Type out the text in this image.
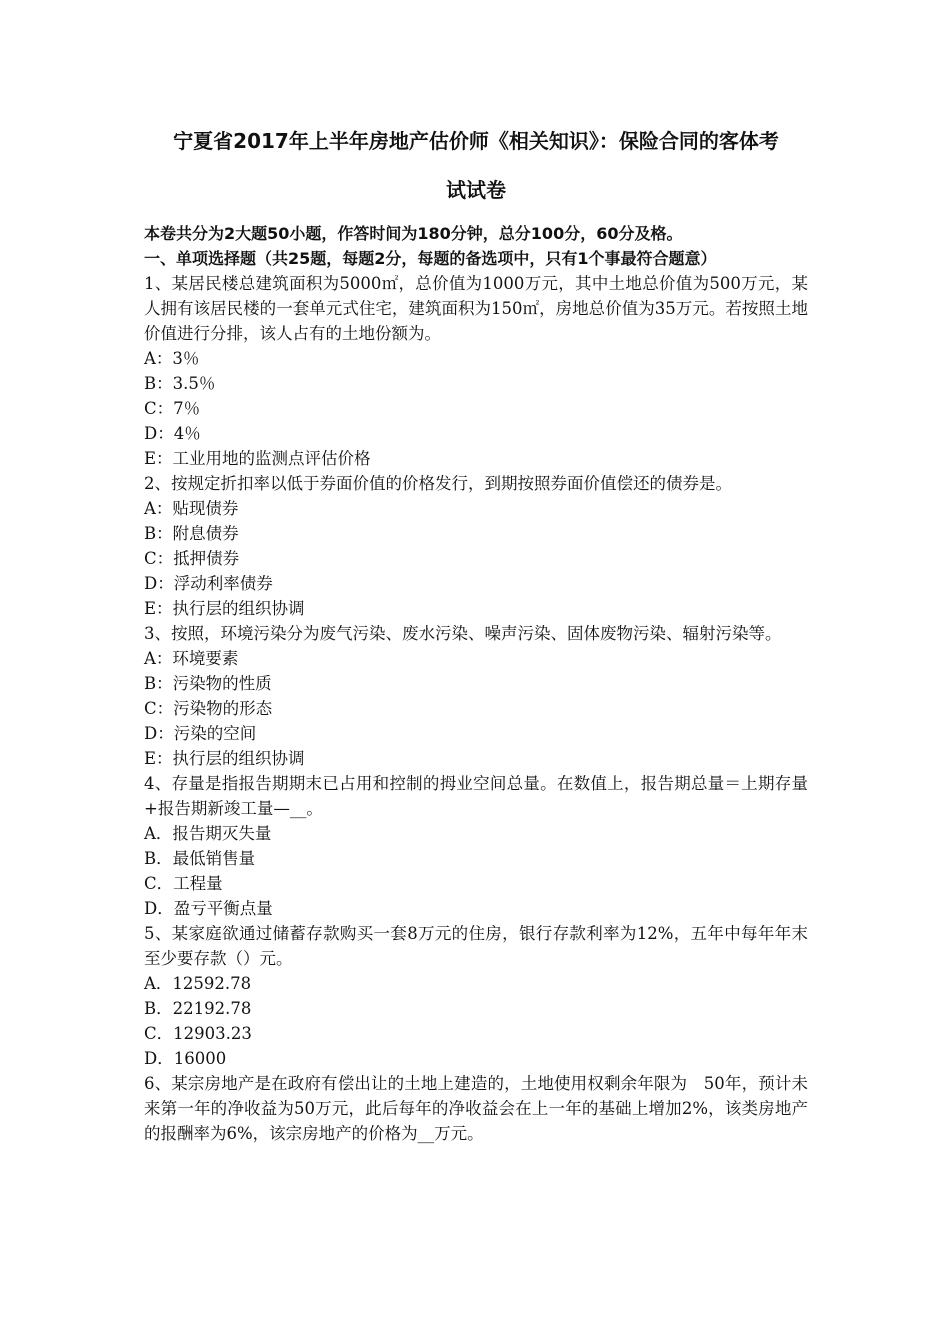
宁夏省2017年上半年房地产估价师《相关知识》：保险合同的客体考
试试卷

本卷共分为2大题50小题，作答时间为180分钟，总分100分，60分及格。

一、单项选择题（共25题，每题2分，每题的备选项中，只有1个事最符合题意）

1、某居民楼总建筑面积为5000㎡，总价值为1000万元，其中土地总价值为500万元，某人拥有该居民楼的一套单元式住宅，建筑面积为150㎡，房地总价值为35万元。若按照土地价值进行分排，该人占有的土地份额为。

A：3％

B：3.5％

C：7％

D：4％

E：工业用地的监测点评估价格

2、按规定折扣率以低于券面价值的价格发行，到期按照券面价值偿还的债券是。

A：贴现债券

B：附息债券

C：抵押债券

D：浮动利率债券

E：执行层的组织协调

3、按照，环境污染分为废气污染、废水污染、噪声污染、固体废物污染、辐射污染等。

A：环境要素

B：污染物的性质

C：污染物的形态

D：污染的空间

E：执行层的组织协调

4、存量是指报告期期末已占用和控制的拇业空间总量。在数值上，报告期总量＝上期存量+报告期新竣工量—__。

A．报告期灭失量

B．最低销售量

C．工程量

D．盈亏平衡点量

5、某家庭欲通过储蓄存款购买一套8万元的住房，银行存款利率为12%，五年中每年年末至少要存款（）元。

A．12592.78

B．22192.78

C．12903.23

D．16000

6、某宗房地产是在政府有偿出让的土地上建造的，土地使用权剩余年限为　50年，预计未来第一年的净收益为50万元，此后每年的净收益会在上一年的基础上增加2%，该类房地产的报酬率为6%，该宗房地产的价格为__万元。
